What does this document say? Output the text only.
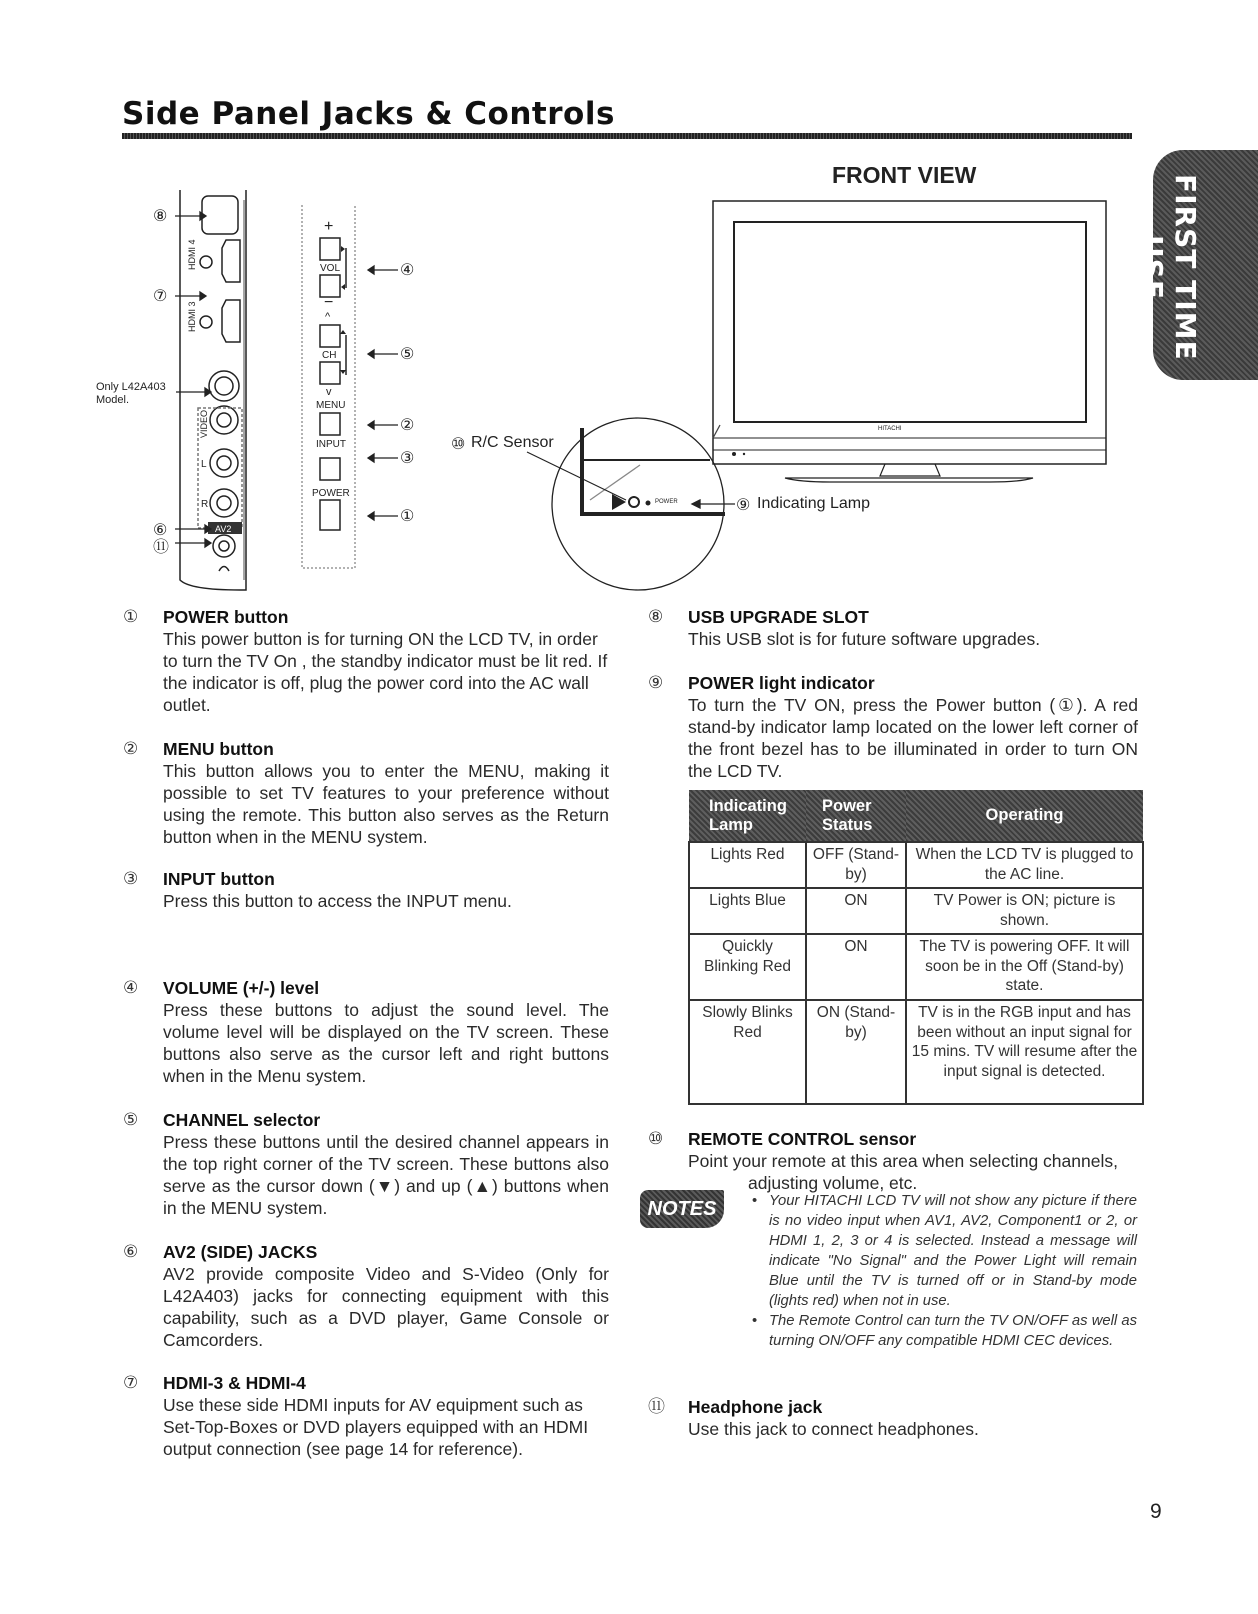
Side Panel Jacks & Controls
FIRST TIME USE
FRONT VIEW
⑧
⑦
Only L42A403
Model.
⑥
⑪
HDMI 4
HDMI 3
VIDEO
L
R
AV2
+
VOL
−
^
CH
v
MENU
INPUT
POWER
④
⑤
②
③
①
⑩ R/C Sensor
⑨ Indicating Lamp
HITACHI
POWER
① POWER button

This power button is for turning ON the LCD TV, in order to turn the TV On , the standby indicator must be lit red. If the indicator is off, plug the power cord into the AC wall outlet.

② MENU button

This button allows you to enter the MENU, making it possible to set TV features to your preference without using the remote. This button also serves as the Return button when in the MENU system.

③ INPUT button

Press this button to access the INPUT menu.

④ VOLUME (+/-) level

Press these buttons to adjust the sound level. The volume level will be displayed on the TV screen. These buttons also serve as the cursor left and right buttons when in the Menu system.

⑤ CHANNEL selector

Press these buttons until the desired channel appears in the top right corner of the TV screen. These buttons also serve as the cursor down (▼) and up (▲) buttons when in the MENU system.

⑥ AV2 (SIDE) JACKS

AV2 provide composite Video and S-Video (Only for L42A403) jacks for connecting equipment with this capability, such as a DVD player, Game Console or Camcorders.

⑦ HDMI-3 & HDMI-4

Use these side HDMI inputs for AV equipment such as Set-Top-Boxes or DVD players equipped with an HDMI output connection (see page 14 for reference).

⑧ USB UPGRADE SLOT

This USB slot is for future software upgrades.

⑨ POWER light indicator

To turn the TV ON, press the Power button (①). A red stand-by indicator lamp located on the lower left corner of the front bezel has to be illuminated in order to turn ON the LCD TV.

Indicating Lamp	Power Status	Operating
Lights Red	OFF (Stand-by)	When the LCD TV is plugged to the AC line.
Lights Blue	ON	TV Power is ON; picture is shown.
Quickly Blinking Red	ON	The TV is powering OFF. It will soon be in the Off (Stand-by) state.
Slowly Blinks Red	ON (Stand-by)	TV is in the RGB input and has been without an input signal for 15 mins. TV will resume after the input signal is detected.
⑩ REMOTE CONTROL sensor

Point your remote at this area when selecting channels,

adjusting volume, etc.

NOTES	• Your HITACHI LCD TV will not show any picture if there is no video input when AV1, AV2, Component1 or 2, or HDMI 1, 2, 3 or 4 is selected. Instead a message will indicate "No Signal" and the Power Light will remain Blue until the TV is turned off or in Stand-by mode (lights red) when not in use.
• The Remote Control can turn the TV ON/OFF as well as turning ON/OFF any compatible HDMI CEC devices.
⑪ Headphone jack

Use this jack to connect headphones.

9
